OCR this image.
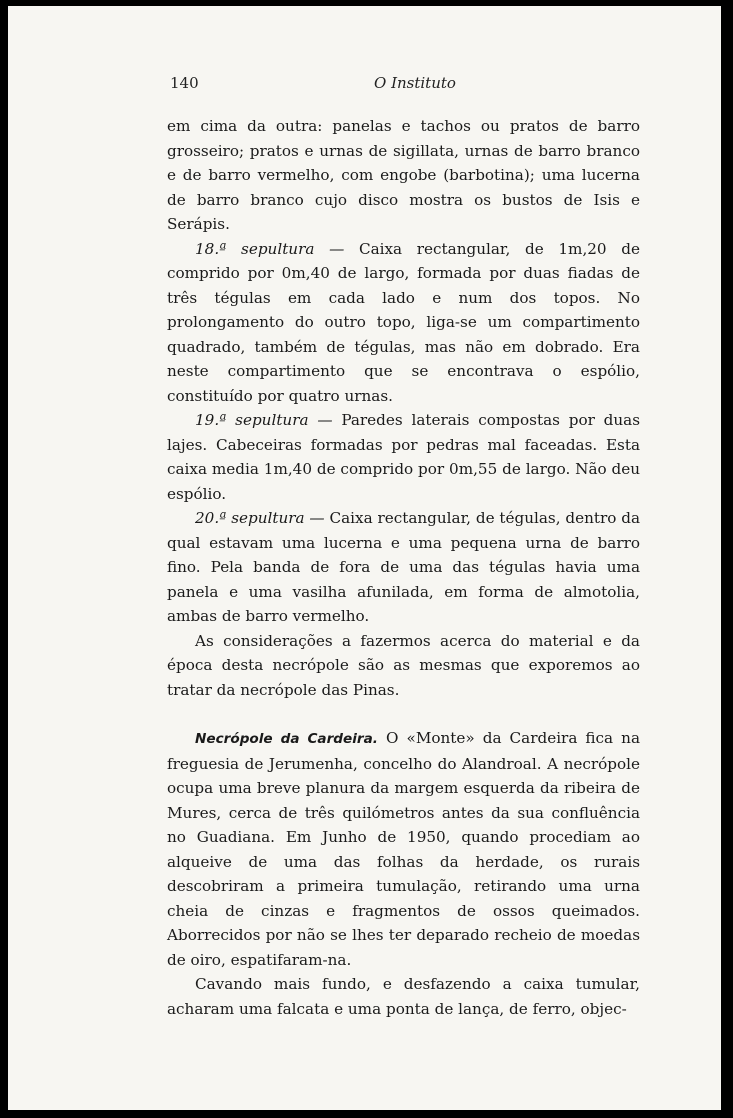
140	O Instituto

em cima da outra: panelas e tachos ou pratos de barro grosseiro; pratos e urnas de sigillata, urnas de barro branco e de barro vermelho, com engobe (barbotina); uma lucerna de barro branco cujo disco mostra os bustos de Isis e Serápis.

18.ª sepultura — Caixa rectangular, de 1m,20 de comprido por 0m,40 de largo, formada por duas fiadas de três tégulas em cada lado e num dos topos. No prolongamento do outro topo, liga-se um compartimento quadrado, também de tégulas, mas não em dobrado. Era neste compartimento que se encontrava o espólio, constituído por quatro urnas.

19.ª sepultura — Paredes laterais compostas por duas lajes. Cabeceiras formadas por pedras mal faceadas. Esta caixa media 1m,40 de comprido por 0m,55 de largo. Não deu espólio.

20.ª sepultura — Caixa rectangular, de tégulas, dentro da qual estavam uma lucerna e uma pequena urna de barro fino. Pela banda de fora de uma das tégulas havia uma panela e uma vasilha afunilada, em forma de almotolia, ambas de barro vermelho.

As considerações a fazermos acerca do material e da época desta necrópole são as mesmas que exporemos ao tratar da necrópole das Pinas.

Necrópole da Cardeira. O «Monte» da Cardeira fica na freguesia de Jerumenha, concelho do Alandroal. A necrópole ocupa uma breve planura da margem esquerda da ribeira de Mures, cerca de três quilómetros antes da sua confluência no Guadiana. Em Junho de 1950, quando procediam ao alqueive de uma das folhas da herdade, os rurais descobriram a primeira tumulação, retirando uma urna cheia de cinzas e fragmentos de ossos queimados. Aborrecidos por não se lhes ter deparado recheio de moedas de oiro, espatifaram-na.

Cavando mais fundo, e desfazendo a caixa tumular, acharam uma falcata e uma ponta de lança, de ferro, objec-
